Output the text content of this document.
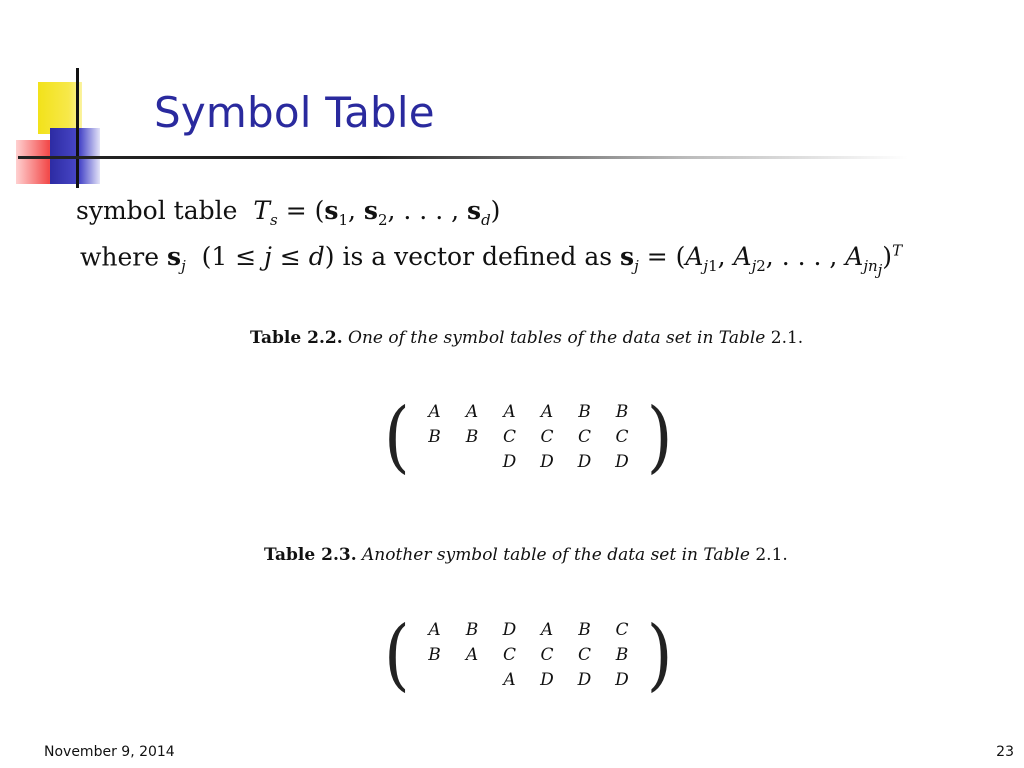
Symbol Table
symbol table $T_s = (s_1$, $s_2$, . . . , $s_d$)
where $s_j$  (1 ≤ j ≤ d) is a vector defined as $s_j = (A_{j1}$, $A_{j2}$, . . . , $A_{jn_j})^T$
Table 2.2. One of the symbol tables of the data set in Table 2.1.
( A	A	A	A	B	B
B	B	C	C	C	C
		D	D	D	D )
Table 2.3. Another symbol table of the data set in Table 2.1.
( A	B	D	A	B	C
B	A	C	C	C	B
		A	D	D	D )
November 9, 2014	23
